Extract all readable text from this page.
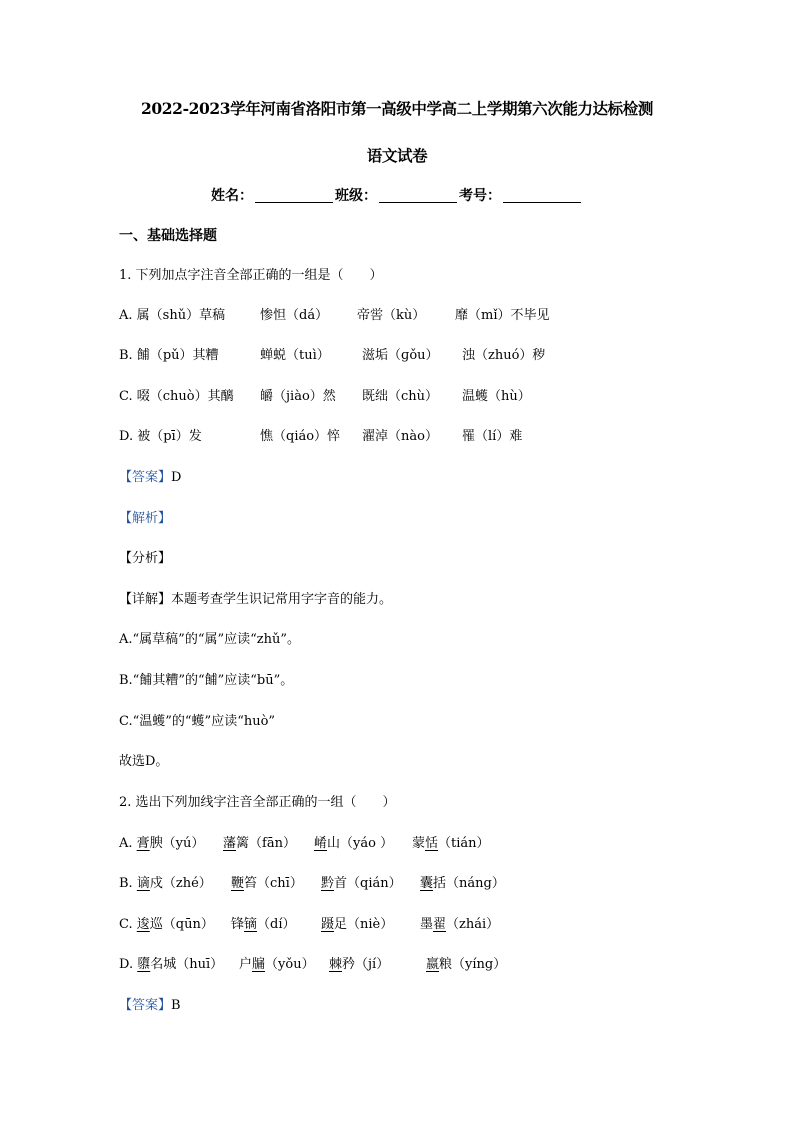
2022-2023学年河南省洛阳市第一高级中学高二上学期第六次能力达标检测
语文试卷
姓名：	班级：	考号：
一、基础选择题
1. 下列加点字注音全部正确的一组是（　　）
A. 属（shǔ）草稿	惨怛（dá） 帝喾（kù） 靡（mǐ）不毕见
B. 餔（pǔ）其糟	蝉蜕（tuì） 滋垢（ɡǒu） 浊（zhuó）秽
C. 啜（chuò）其醨 皭（jiào）然 既绌（chù） 温蠖（hù）
D. 被（pī）发	憔（qiáo）悴 濯淖（nào） 罹（lí）难
【答案】D
【解析】
【分析】
【详解】本题考查学生识记常用字字音的能力。
A.“属草稿”的“属”应读“zhǔ”。
B.“餔其糟”的“餔”应读“bū”。
C.“温蠖”的“蠖”应读“huò”
故选D。
2. 选出下列加线字注音全部正确的一组（　　）
A. 膏腴（yú） 藩篱（fān） 崤山（yáo ） 蒙恬（tián）
B. 谪戍（zhé） 鞭笞（chī） 黔首（qián） 囊括（náng）
C. 逡巡（qūn） 锋镝（dí） 蹑足（niè） 墨翟（zhái）
D. 隳名城（huī） 户牖（yǒu） 棘矜（jí）	嬴粮（yíng）
【答案】B
